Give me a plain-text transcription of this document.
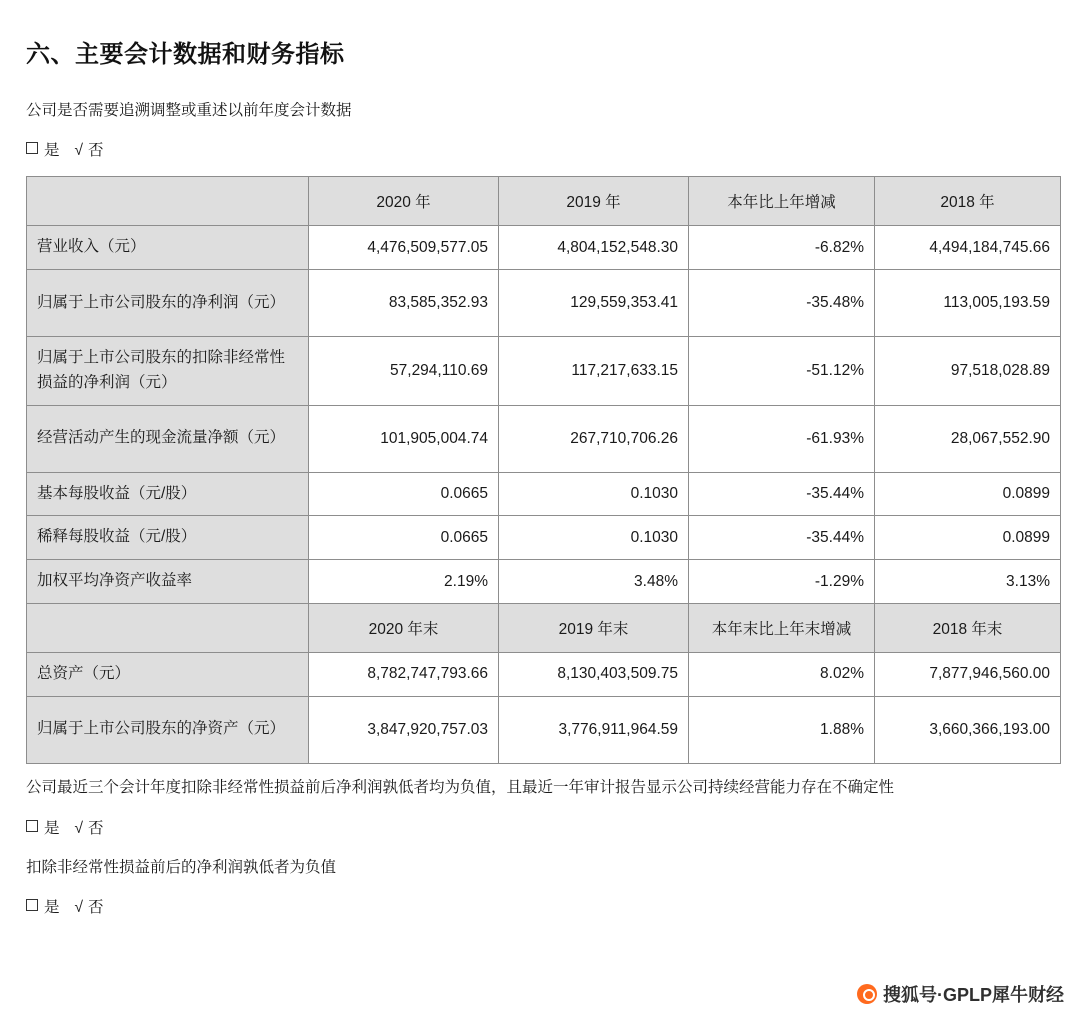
六、主要会计数据和财务指标

公司是否需要追溯调整或重述以前年度会计数据

是 √ 否
	2020 年	2019 年	本年比上年增减	2018 年
营业收入（元）	4,476,509,577.05	4,804,152,548.30	-6.82%	4,494,184,745.66
归属于上市公司股东的净利润（元）	83,585,352.93	129,559,353.41	-35.48%	113,005,193.59
归属于上市公司股东的扣除非经常性损益的净利润（元）	57,294,110.69	117,217,633.15	-51.12%	97,518,028.89
经营活动产生的现金流量净额（元）	101,905,004.74	267,710,706.26	-61.93%	28,067,552.90
基本每股收益（元/股）	0.0665	0.1030	-35.44%	0.0899
稀释每股收益（元/股）	0.0665	0.1030	-35.44%	0.0899
加权平均净资产收益率	2.19%	3.48%	-1.29%	3.13%
	2020 年末	2019 年末	本年末比上年末增减	2018 年末
总资产（元）	8,782,747,793.66	8,130,403,509.75	8.02%	7,877,946,560.00
归属于上市公司股东的净资产（元）	3,847,920,757.03	3,776,911,964.59	1.88%	3,660,366,193.00

公司最近三个会计年度扣除非经常性损益前后净利润孰低者均为负值，且最近一年审计报告显示公司持续经营能力存在不确定性

是 √ 否

扣除非经常性损益前后的净利润孰低者为负值

是 √ 否
搜狐号·GPLP犀牛财经
